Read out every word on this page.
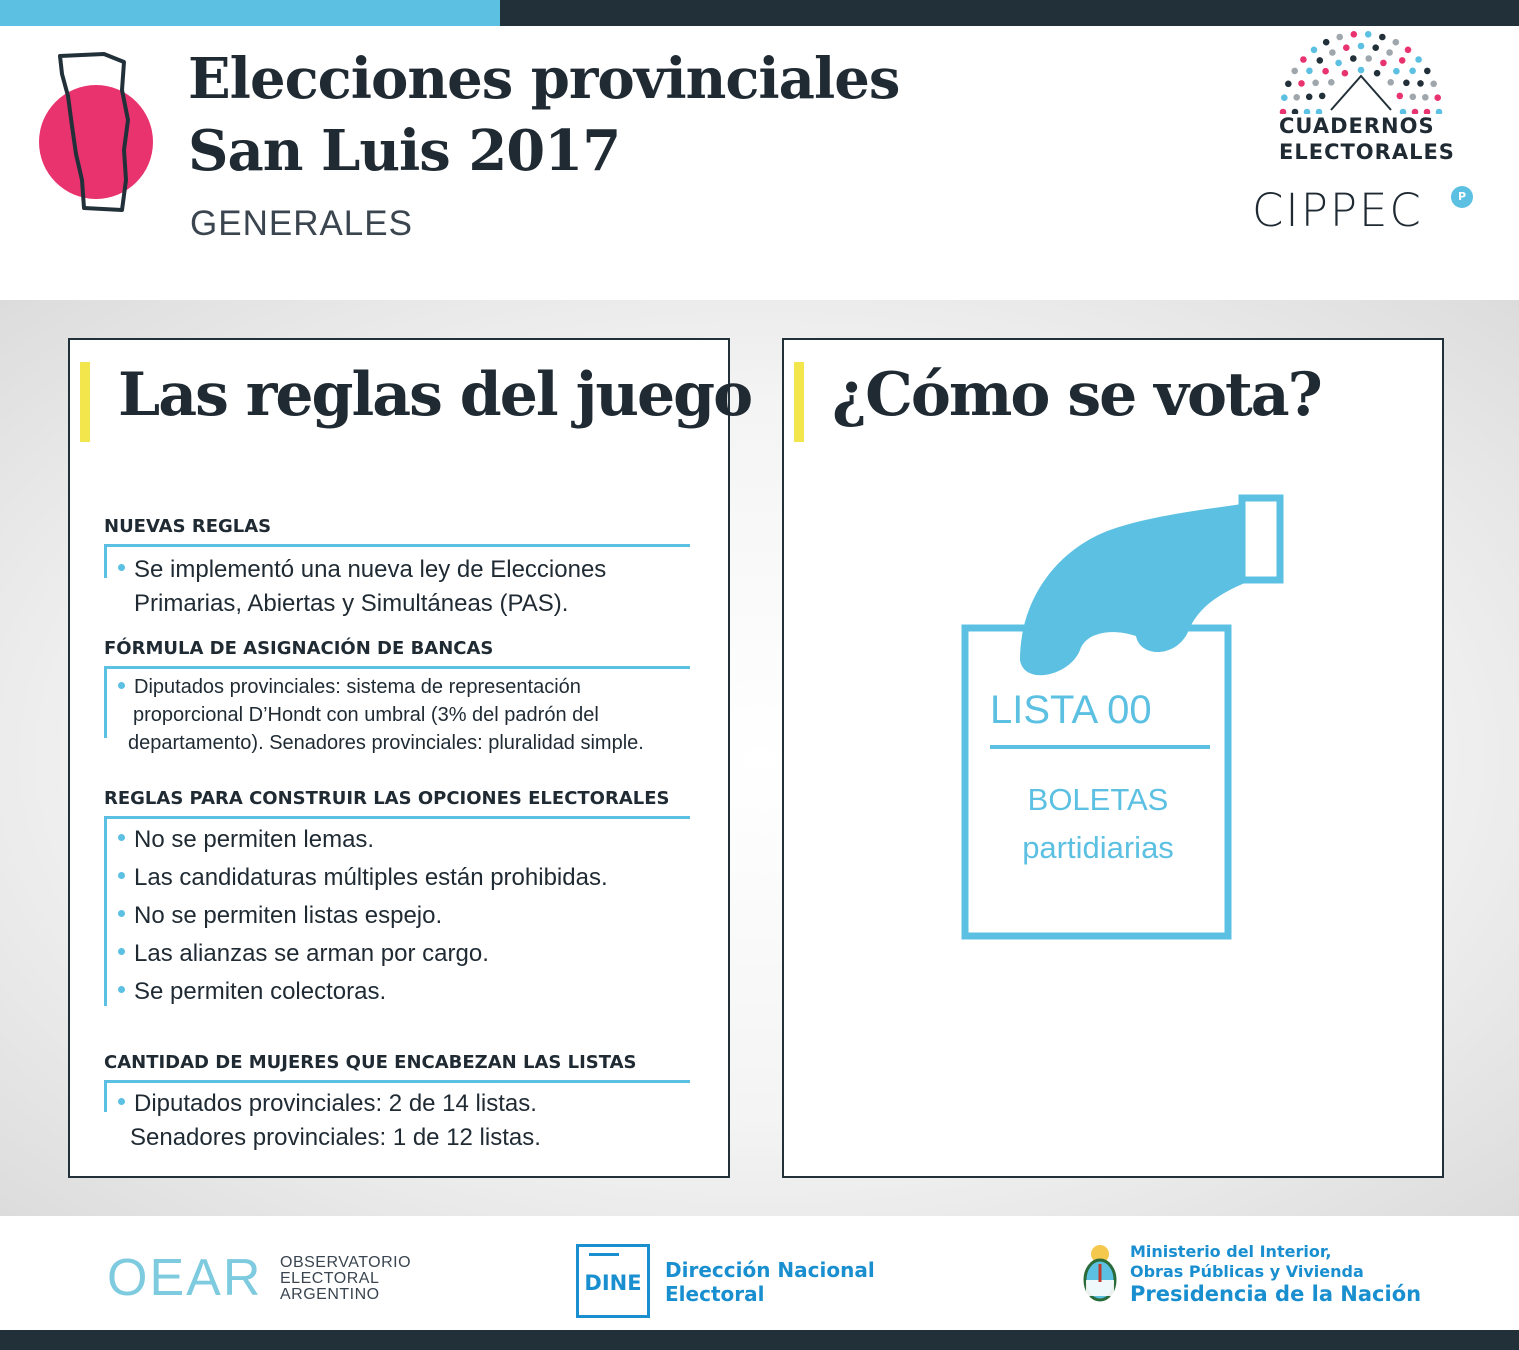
Elecciones provinciales
San Luis 2017
GENERALES
CUADERNOS
ELECTORALES
CIPPEC	P
Las reglas del juego
NUEVAS REGLAS
Se implementó una nueva ley de Elecciones
Primarias, Abiertas y Simultáneas (PAS).
FÓRMULA DE ASIGNACIÓN DE BANCAS
Diputados provinciales: sistema de representación
proporcional D’Hondt con umbral (3% del padrón del
departamento). Senadores provinciales: pluralidad simple.
REGLAS PARA CONSTRUIR LAS OPCIONES ELECTORALES
No se permiten lemas.
Las candidaturas múltiples están prohibidas.
No se permiten listas espejo.
Las alianzas se arman por cargo.
Se permiten colectoras.
CANTIDAD DE MUJERES QUE ENCABEZAN LAS LISTAS
Diputados provinciales: 2 de 14 listas.
Senadores provinciales: 1 de 12 listas.
¿Cómo se vota?
LISTA 00
BOLETAS
partidiarias
OEAR OBSERVATORIO
ELECTORAL
ARGENTINO	DINE
Dirección Nacional
Electoral
Ministerio del Interior,
Obras Públicas y Vivienda
Presidencia de la Nación
